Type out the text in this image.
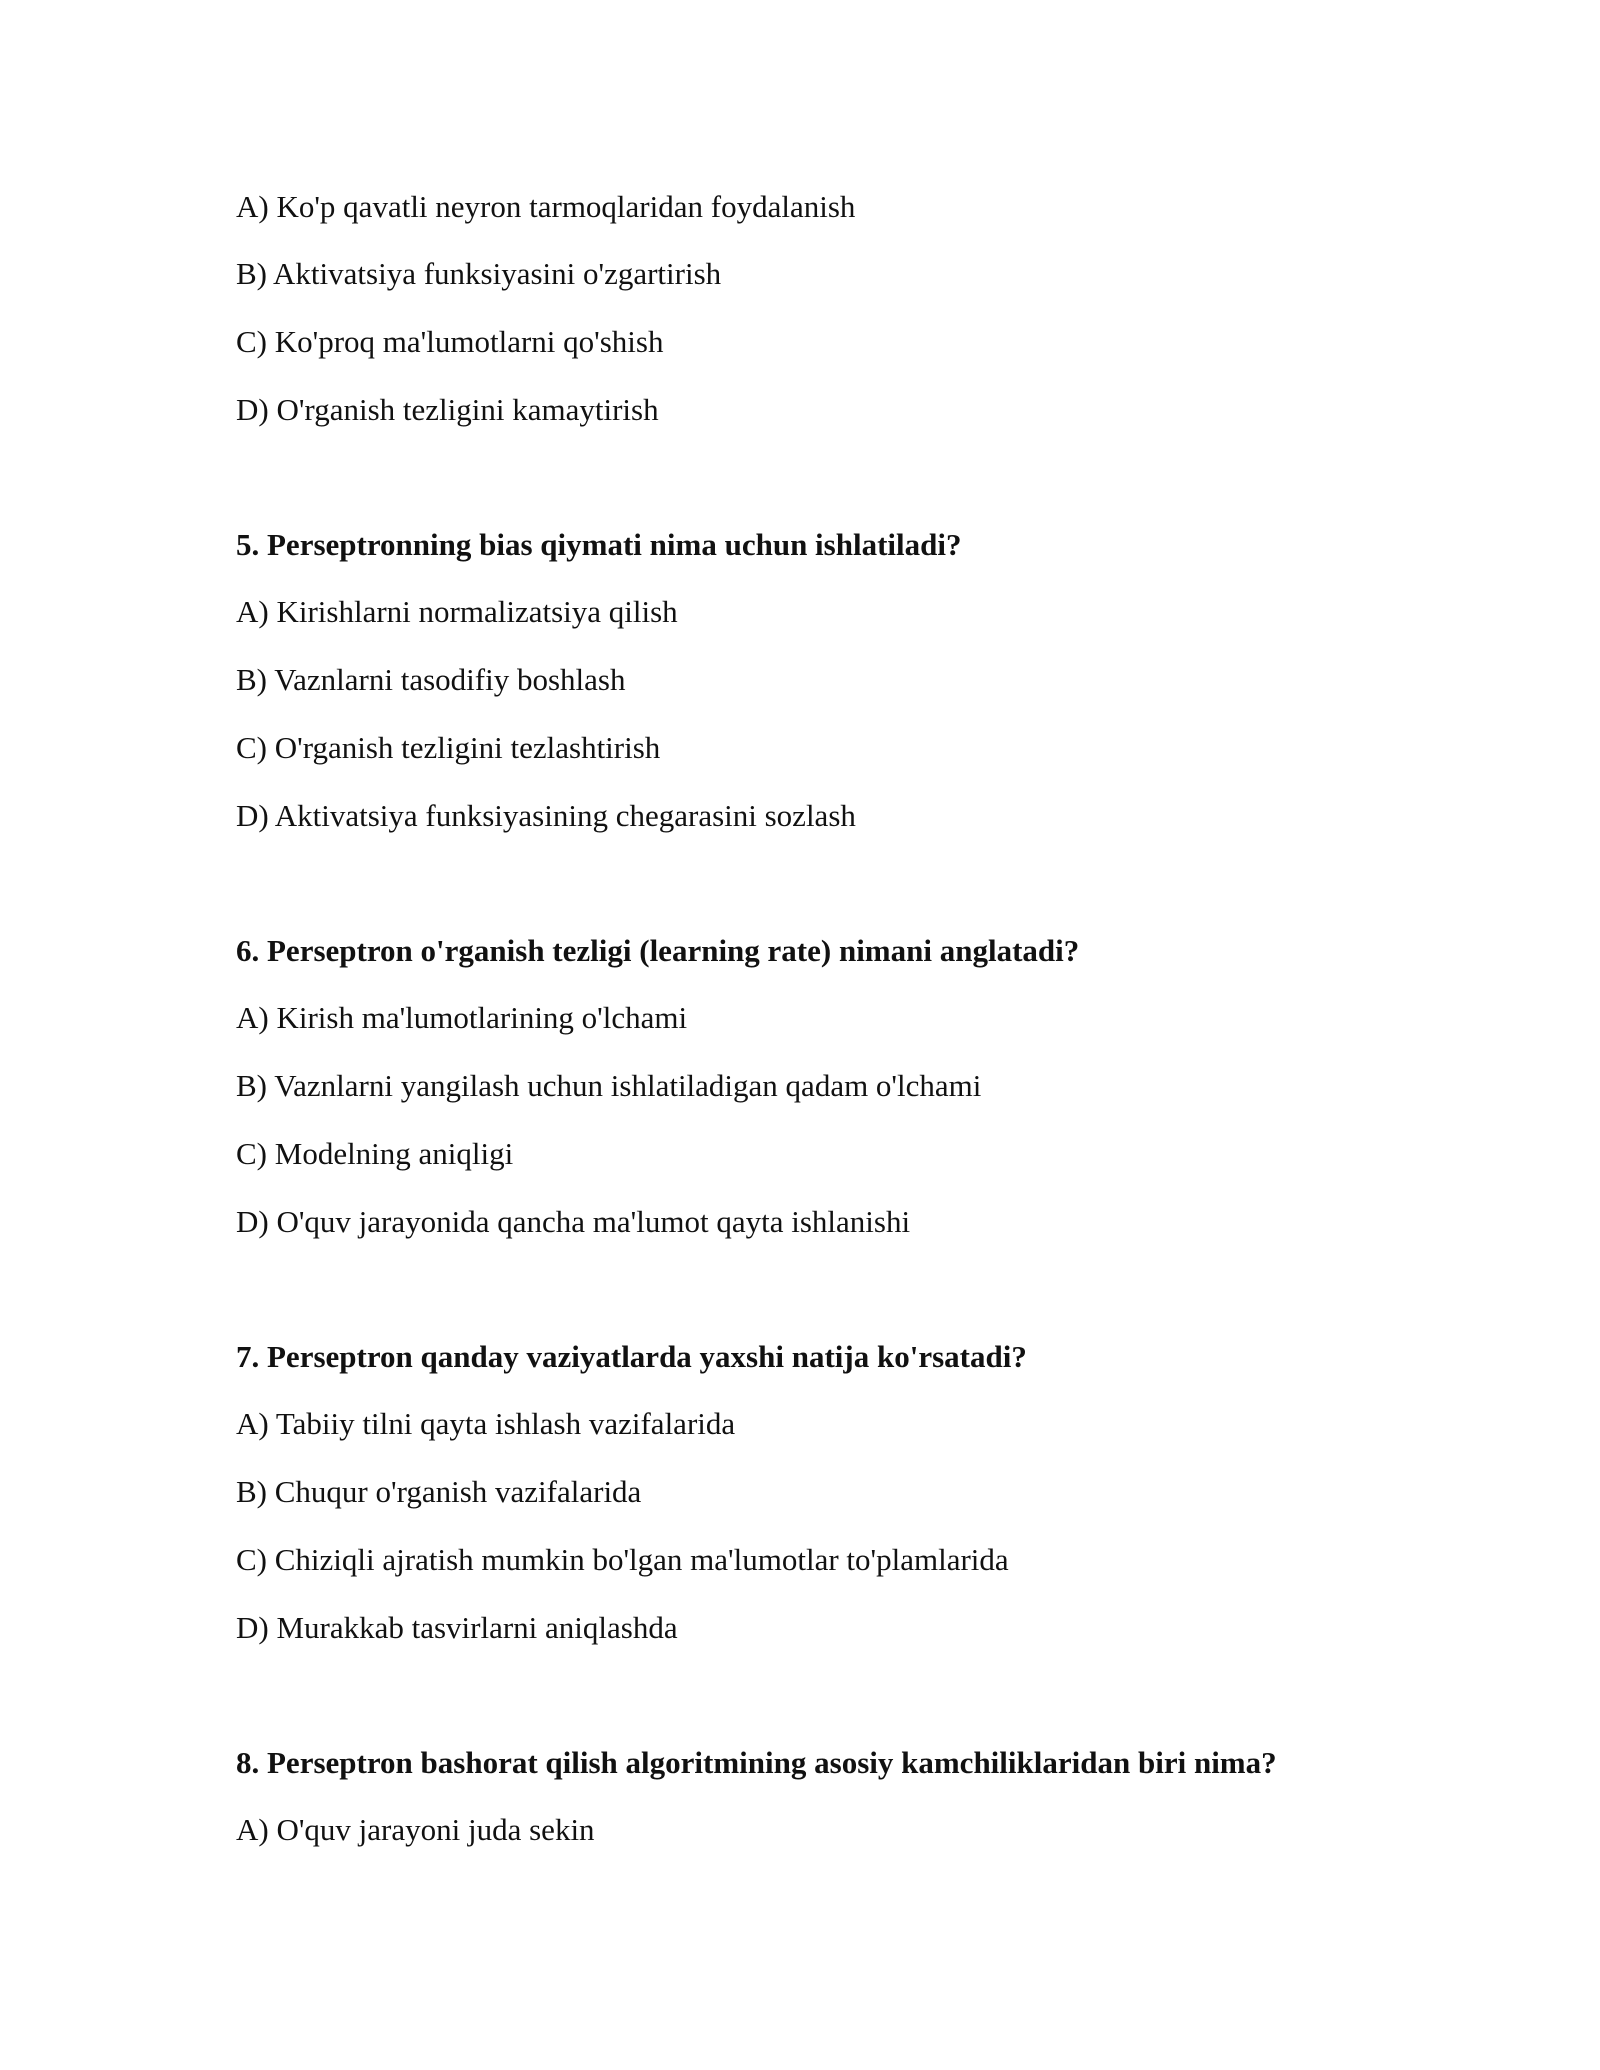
A) Ko'p qavatli neyron tarmoqlaridan foydalanish
B) Aktivatsiya funksiyasini o'zgartirish
C) Ko'proq ma'lumotlarni qo'shish
D) O'rganish tezligini kamaytirish
5. Perseptronning bias qiymati nima uchun ishlatiladi?
A) Kirishlarni normalizatsiya qilish
B) Vaznlarni tasodifiy boshlash
C) O'rganish tezligini tezlashtirish
D) Aktivatsiya funksiyasining chegarasini sozlash
6. Perseptron o'rganish tezligi (learning rate) nimani anglatadi?
A) Kirish ma'lumotlarining o'lchami
B) Vaznlarni yangilash uchun ishlatiladigan qadam o'lchami
C) Modelning aniqligi
D) O'quv jarayonida qancha ma'lumot qayta ishlanishi
7. Perseptron qanday vaziyatlarda yaxshi natija ko'rsatadi?
A) Tabiiy tilni qayta ishlash vazifalarida
B) Chuqur o'rganish vazifalarida
C) Chiziqli ajratish mumkin bo'lgan ma'lumotlar to'plamlarida
D) Murakkab tasvirlarni aniqlashda
8. Perseptron bashorat qilish algoritmining asosiy kamchiliklaridan biri nima?
A) O'quv jarayoni juda sekin
